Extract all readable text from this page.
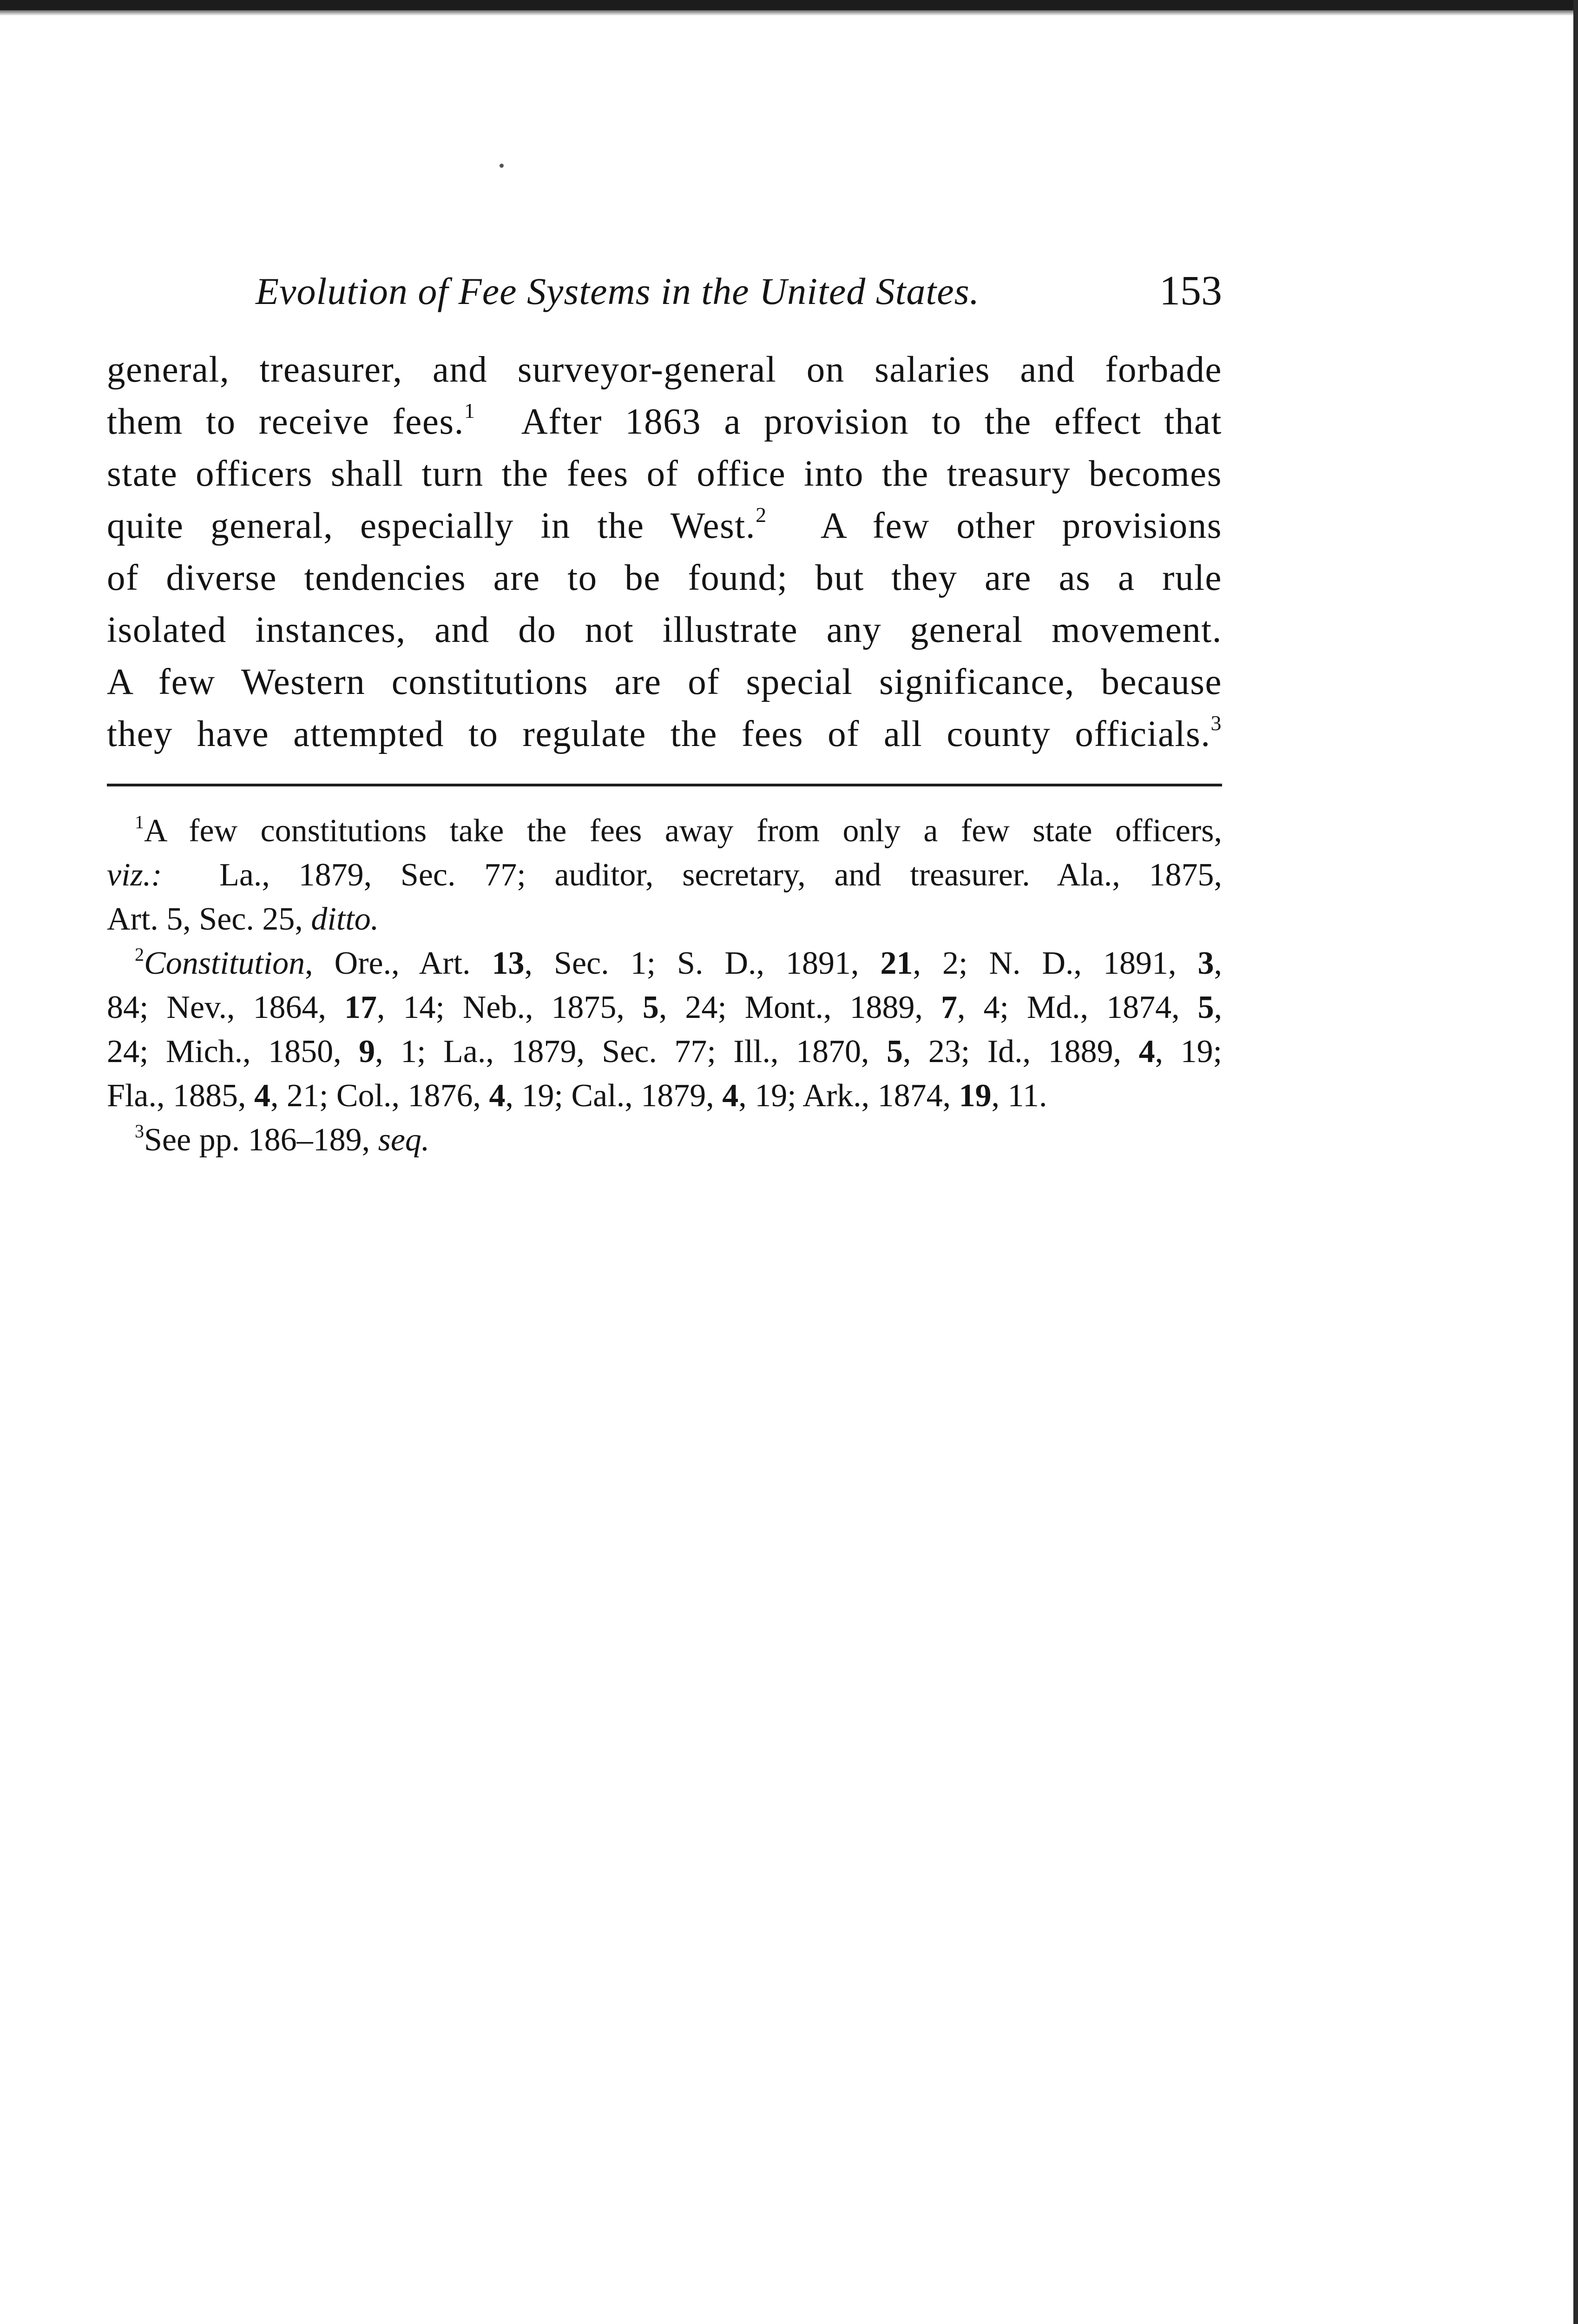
Evolution of Fee Systems in the United States.	153
general, treasurer, and surveyor-general on salaries and forbade
them to receive fees.$^1$ After 1863 a provision to the effect that
state officers shall turn the fees of office into the treasury becomes
quite general, especially in the West.$^2$ A few other provisions
of diverse tendencies are to be found; but they are as a rule
isolated instances, and do not illustrate any general movement.
A few Western constitutions are of special significance, because
they have attempted to regulate the fees of all county officials.$^3$
$^1$A few constitutions take the fees away from only a few state officers,
viz.: La., 1879, Sec. 77; auditor, secretary, and treasurer. Ala., 1875,
Art. 5, Sec. 25, ditto.
$^2$Constitution, Ore., Art. 13, Sec. 1; S. D., 1891, 21, 2; N. D., 1891, 3,
84; Nev., 1864, 17, 14; Neb., 1875, 5, 24; Mont., 1889, 7, 4; Md., 1874, 5,
24; Mich., 1850, 9, 1; La., 1879, Sec. 77; Ill., 1870, 5, 23; Id., 1889, 4, 19;
Fla., 1885, 4, 21; Col., 1876, 4, 19; Cal., 1879, 4, 19; Ark., 1874, 19, 11.
$^3$See pp. 186–189, seq.
